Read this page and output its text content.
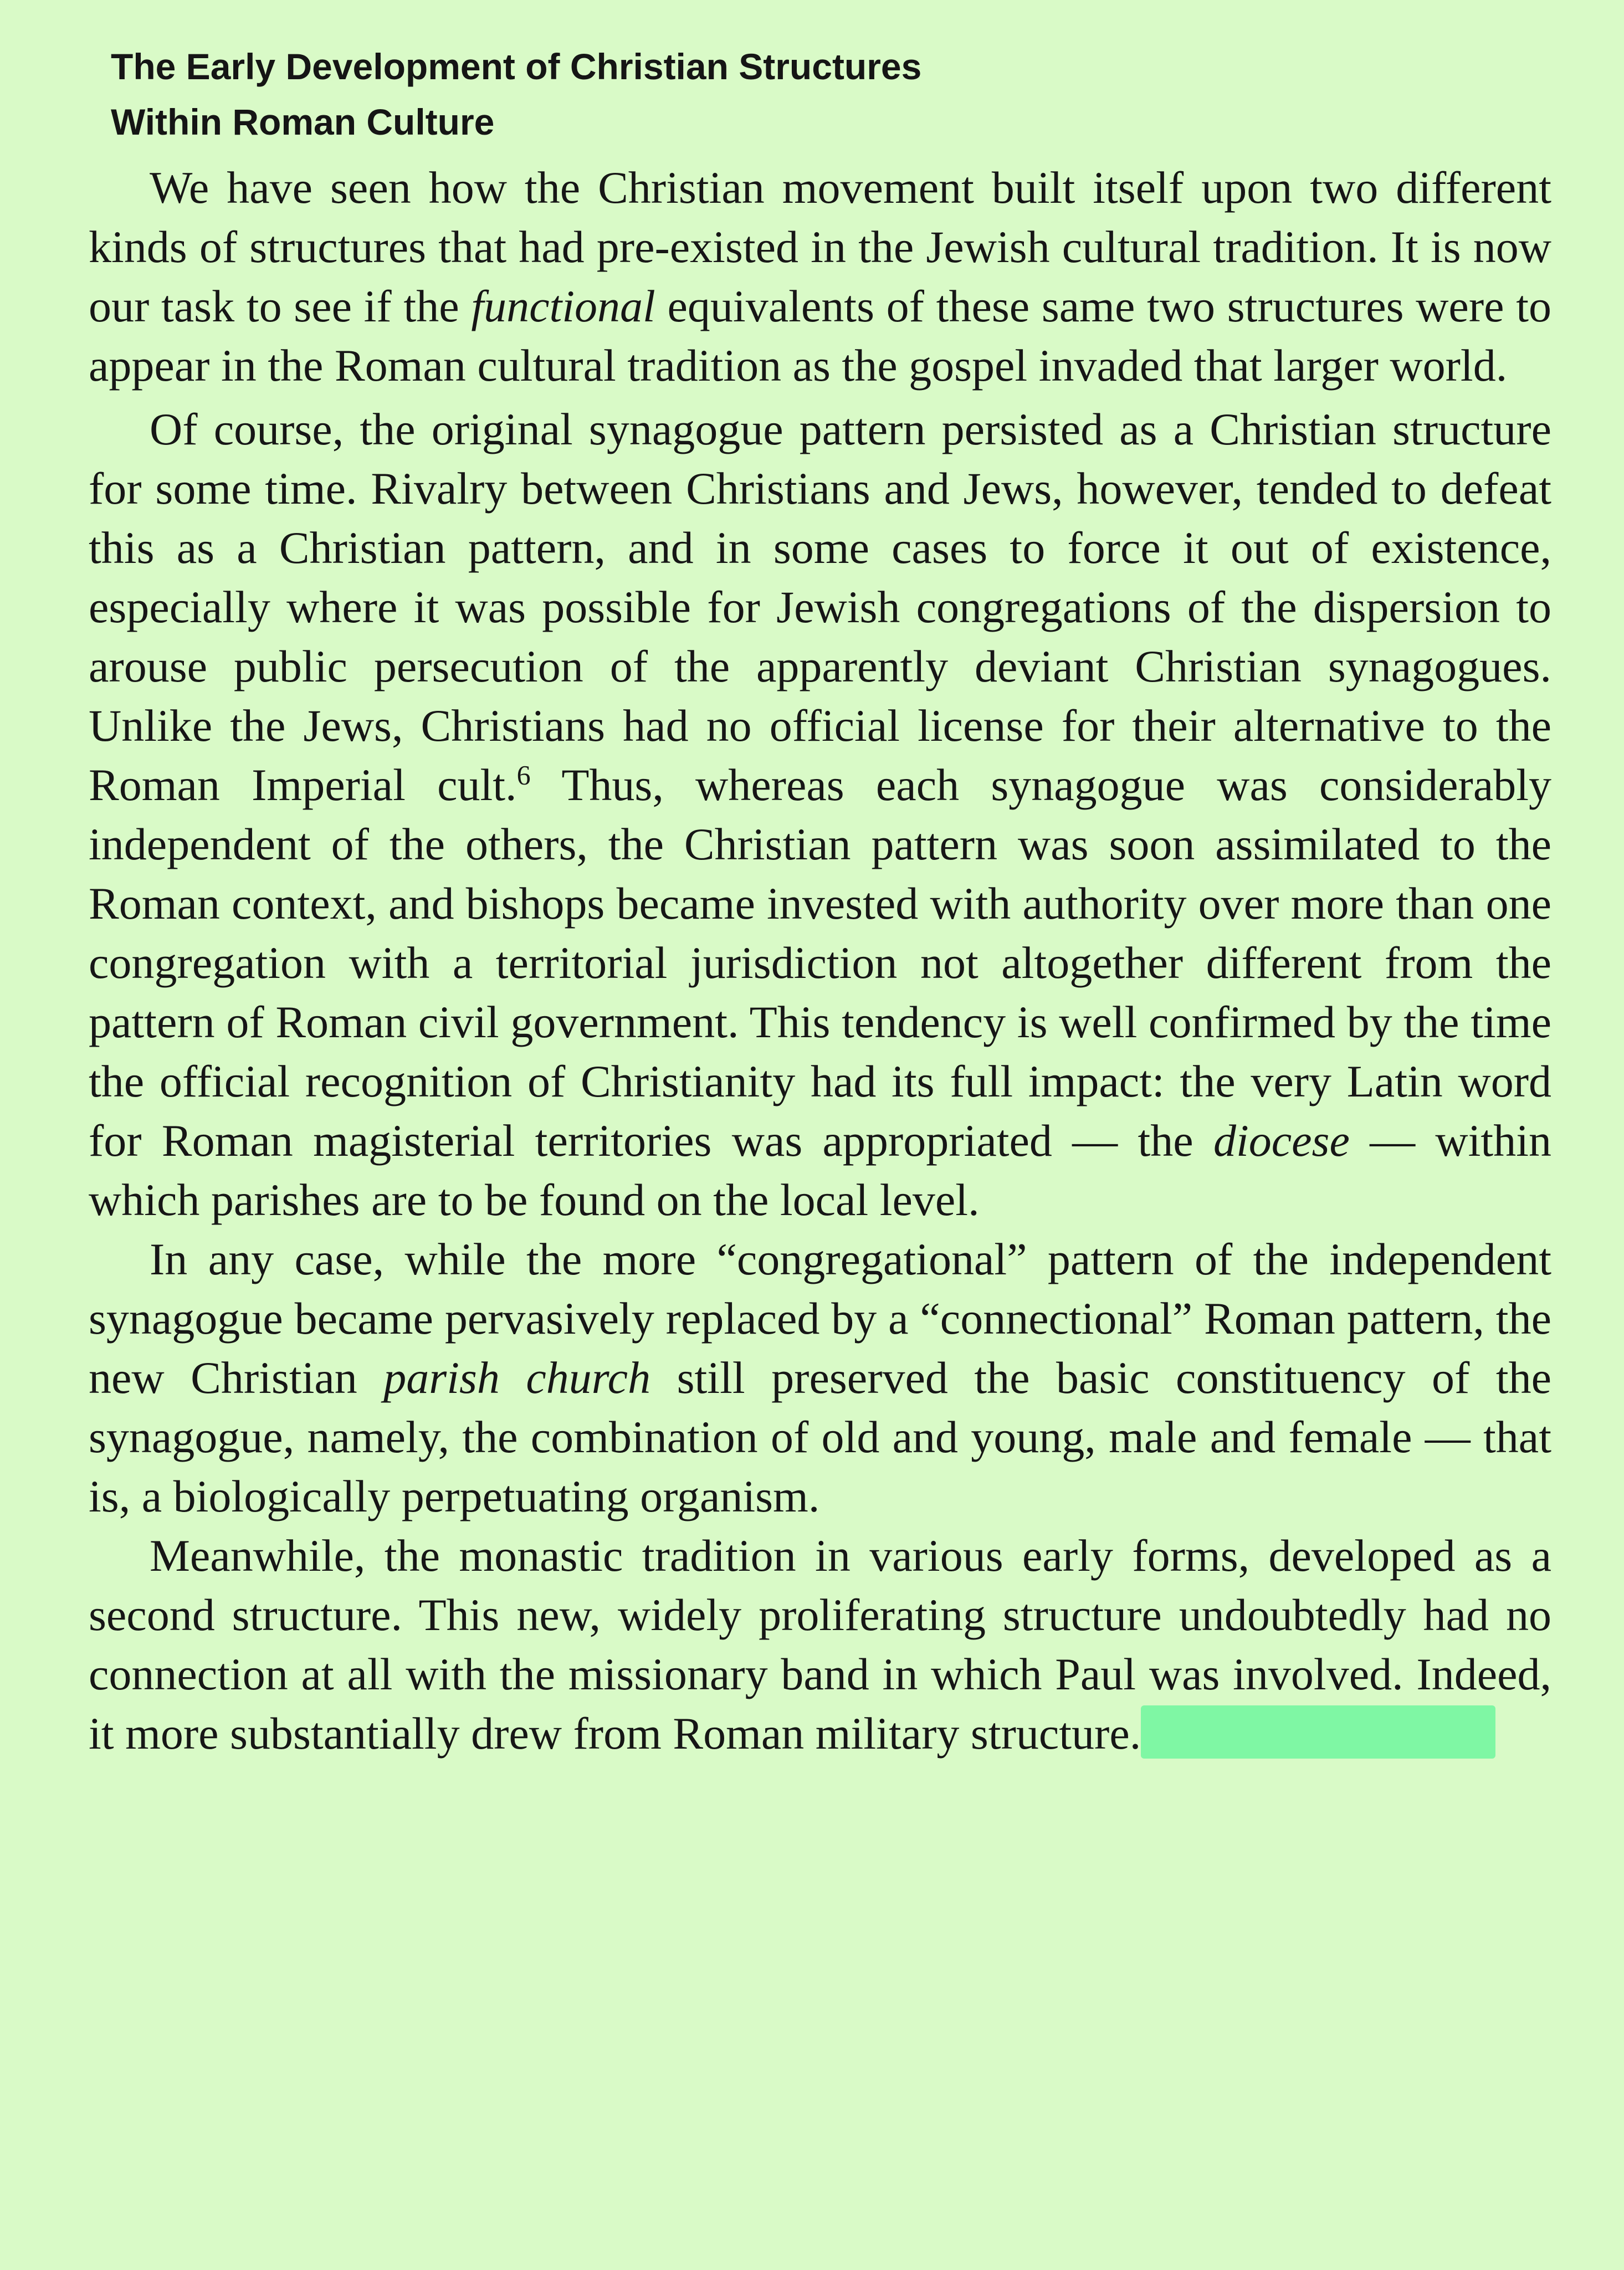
The Early Development of Christian Structures
Within Roman Culture

We have seen how the Christian movement built itself upon two different kinds of structures that had pre-existed in the Jewish cultural tradition. It is now our task to see if the functional equivalents of these same two structures were to appear in the Roman cultural tradition as the gospel invaded that larger world.

Of course, the original synagogue pattern persisted as a Christian structure for some time. Rivalry between Christians and Jews, however, tended to defeat this as a Christian pattern, and in some cases to force it out of existence, especially where it was possible for Jewish congregations of the dispersion to arouse public persecution of the apparently deviant Christian synagogues. Unlike the Jews, Christians had no official license for their alternative to the Roman Imperial cult.$^6$ Thus, whereas each synagogue was considerably independent of the others, the Christian pattern was soon assimilated to the Roman context, and bishops became invested with authority over more than one congregation with a territorial jurisdiction not altogether different from the pattern of Roman civil government. This tendency is well confirmed by the time the official recognition of Christianity had its full impact: the very Latin word for Roman magisterial territories was appropriated — the diocese — within which parishes are to be found on the local level.

In any case, while the more “congregational” pattern of the independent synagogue became pervasively replaced by a “connectional” Roman pattern, the new Christian parish church still preserved the basic constituency of the synagogue, namely, the combination of old and young, male and female — that is, a biologically perpetuating organism.

Meanwhile, the monastic tradition in various early forms, developed as a second structure. This new, widely proliferating structure undoubtedly had no connection at all with the missionary band in which Paul was involved. Indeed, it more substantially drew from Roman military structure.
